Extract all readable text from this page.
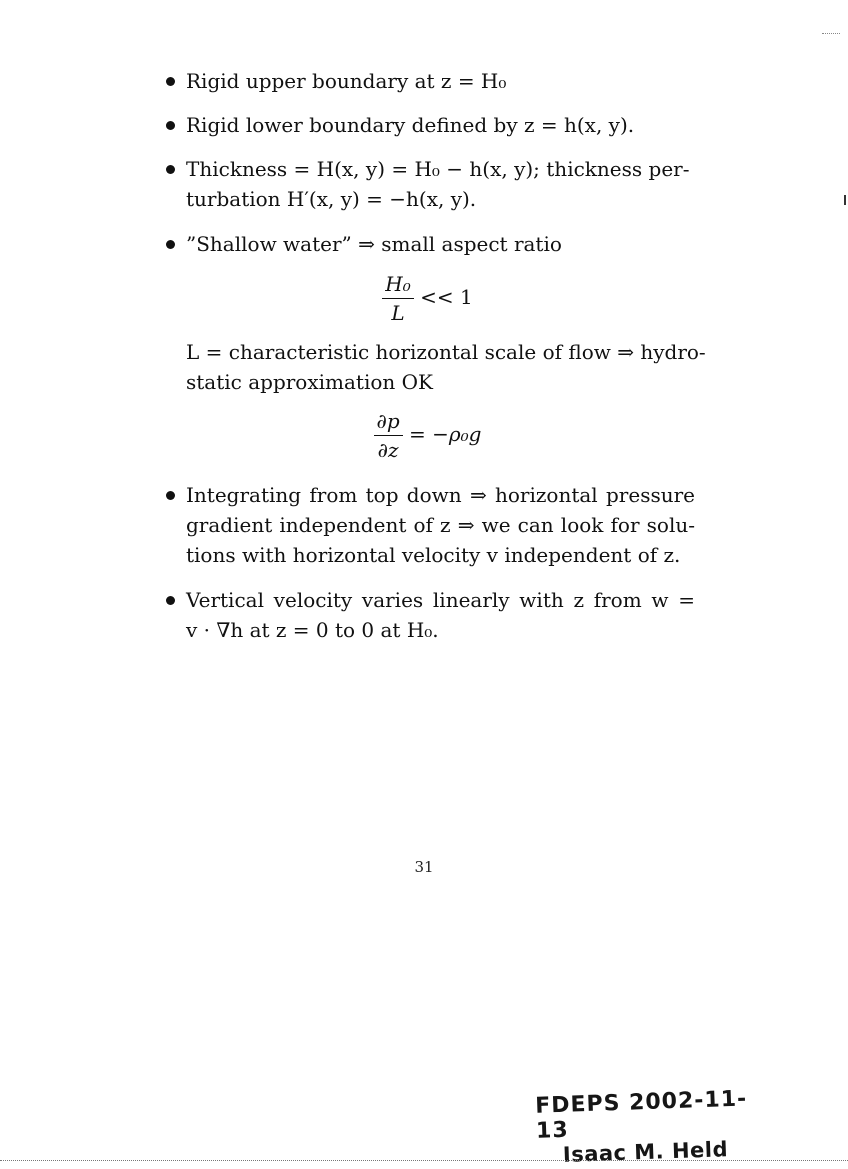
Rigid upper boundary at z = H₀
Rigid lower boundary defined by z = h(x, y).
Thickness = H(x, y) = H₀ − h(x, y); thickness per-
turbation H′(x, y) = −h(x, y).
”Shallow water” ⇒ small aspect ratio
$\frac{\text{H₀}}{L} << 1$
L = characteristic horizontal scale of flow ⇒ hydro-
static approximation OK
$\frac{\partial p}{\partial z} = -\rho_0g$
Integrating from top down ⇒ horizontal pressure
gradient independent of z ⇒ we can look for solu-
tions with horizontal velocity v independent of z.
Vertical velocity varies linearly with z from w =
v · ∇h at z = 0 to 0 at H₀.
31
FDEPS 2002-11-13
Isaac M. Held
